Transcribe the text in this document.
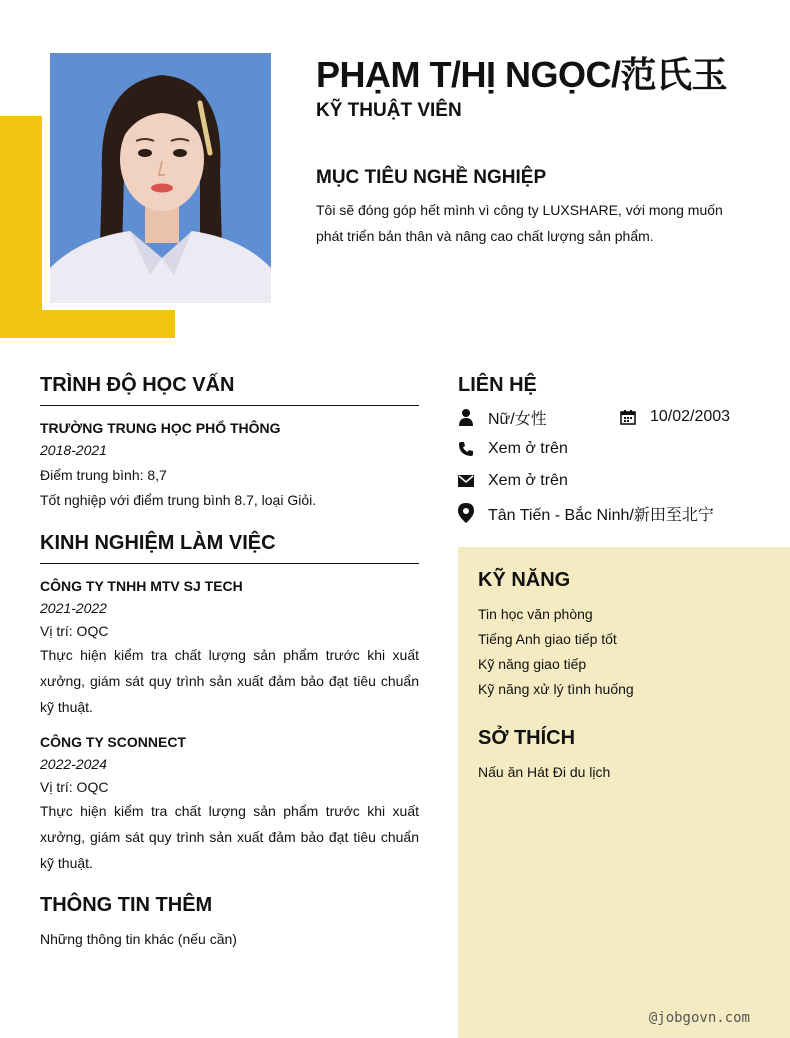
PHẠM T/HỊ NGỌC/范氏玉
KỸ THUẬT VIÊN
MỤC TIÊU NGHỀ NGHIỆP
Tôi sẽ đóng góp hết mình vì công ty LUXSHARE, với mong muốn phát triển bản thân và nâng cao chất lượng sản phẩm.
TRÌNH ĐỘ HỌC VẤN
TRƯỜNG TRUNG HỌC PHỔ THÔNG
2018-2021
Điểm trung bình: 8,7
Tốt nghiệp với điểm trung bình 8.7, loại Giỏi.
KINH NGHIỆM LÀM VIỆC
CÔNG TY TNHH MTV SJ TECH
2021-2022
Vị trí: OQC
Thực hiện kiểm tra chất lượng sản phẩm trước khi xuất xưởng, giám sát quy trình sản xuất đảm bảo đạt tiêu chuẩn kỹ thuật.
CÔNG TY SCONNECT
2022-2024
Vị trí: OQC
Thực hiện kiểm tra chất lượng sản phẩm trước khi xuất xưởng, giám sát quy trình sản xuất đảm bảo đạt tiêu chuẩn kỹ thuật.
THÔNG TIN THÊM
Những thông tin khác (nếu cần)
LIÊN HỆ
Nữ/女性	10/02/2003
Xem ở trên
Xem ở trên
Tân Tiến - Bắc Ninh/新田至北宁
KỸ NĂNG
Tin học văn phòng
Tiếng Anh giao tiếp tốt
Kỹ năng giao tiếp
Kỹ năng xử lý tình huống
SỞ THÍCH
Nấu ăn Hát Đi du lịch
@jobgovn.com
